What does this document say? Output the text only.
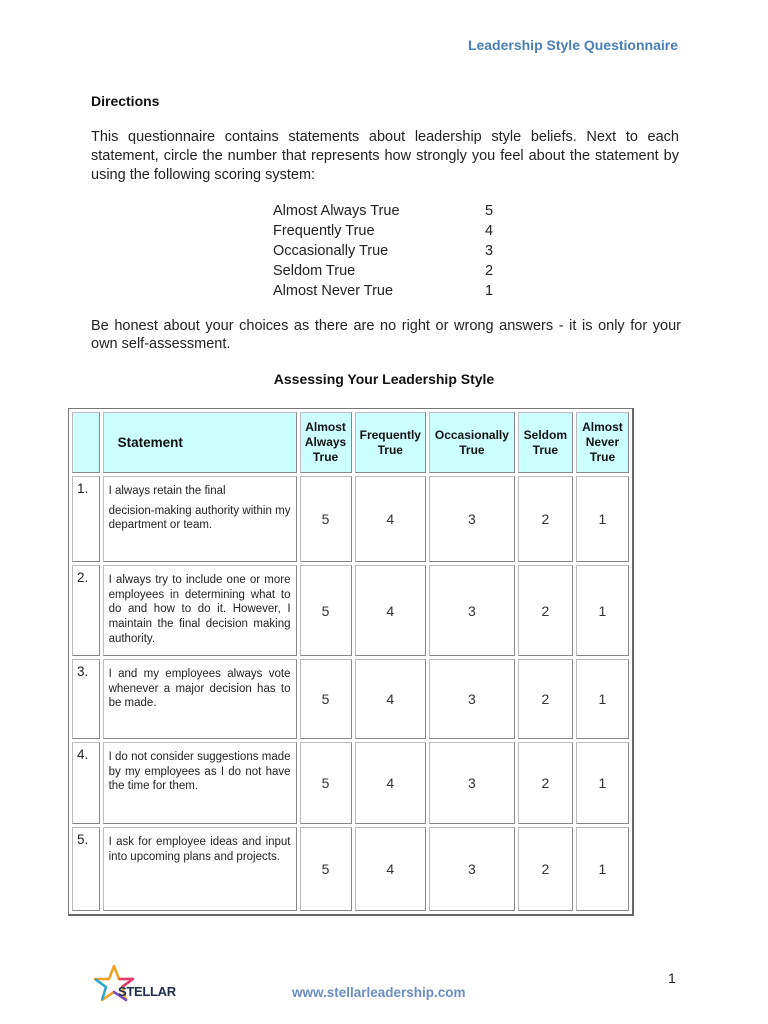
Leadership Style Questionnaire
Directions

This questionnaire contains statements about leadership style beliefs. Next to each statement, circle the number that represents how strongly you feel about the statement by using the following scoring system:

Almost Always True	5
Frequently True	4
Occasionally True	3
Seldom True	2
Almost Never True	1

Be honest about your choices as there are no right or wrong answers - it is only for your own self-assessment.

Assessing Your Leadership Style
	Statement	Almost
Always
True	Frequently
True	Occasionally
True	Seldom
True	Almost
Never
True
1.	I always retain the final
decision-making authority within my department or team.	5	4	3	2	1
2.	I always try to include one or more employees in determining what to do and how to do it. However, I maintain the final decision making authority.	5	4	3	2	1
3.	I and my employees always vote whenever a major decision has to be made.	5	4	3	2	1
4.	I do not consider suggestions made by my employees as I do not have the time for them.	5	4	3	2	1
5.	I ask for employee ideas and input into upcoming plans and projects.	5	4	3	2	1
STELLAR	www.stellarleadership.com
1
